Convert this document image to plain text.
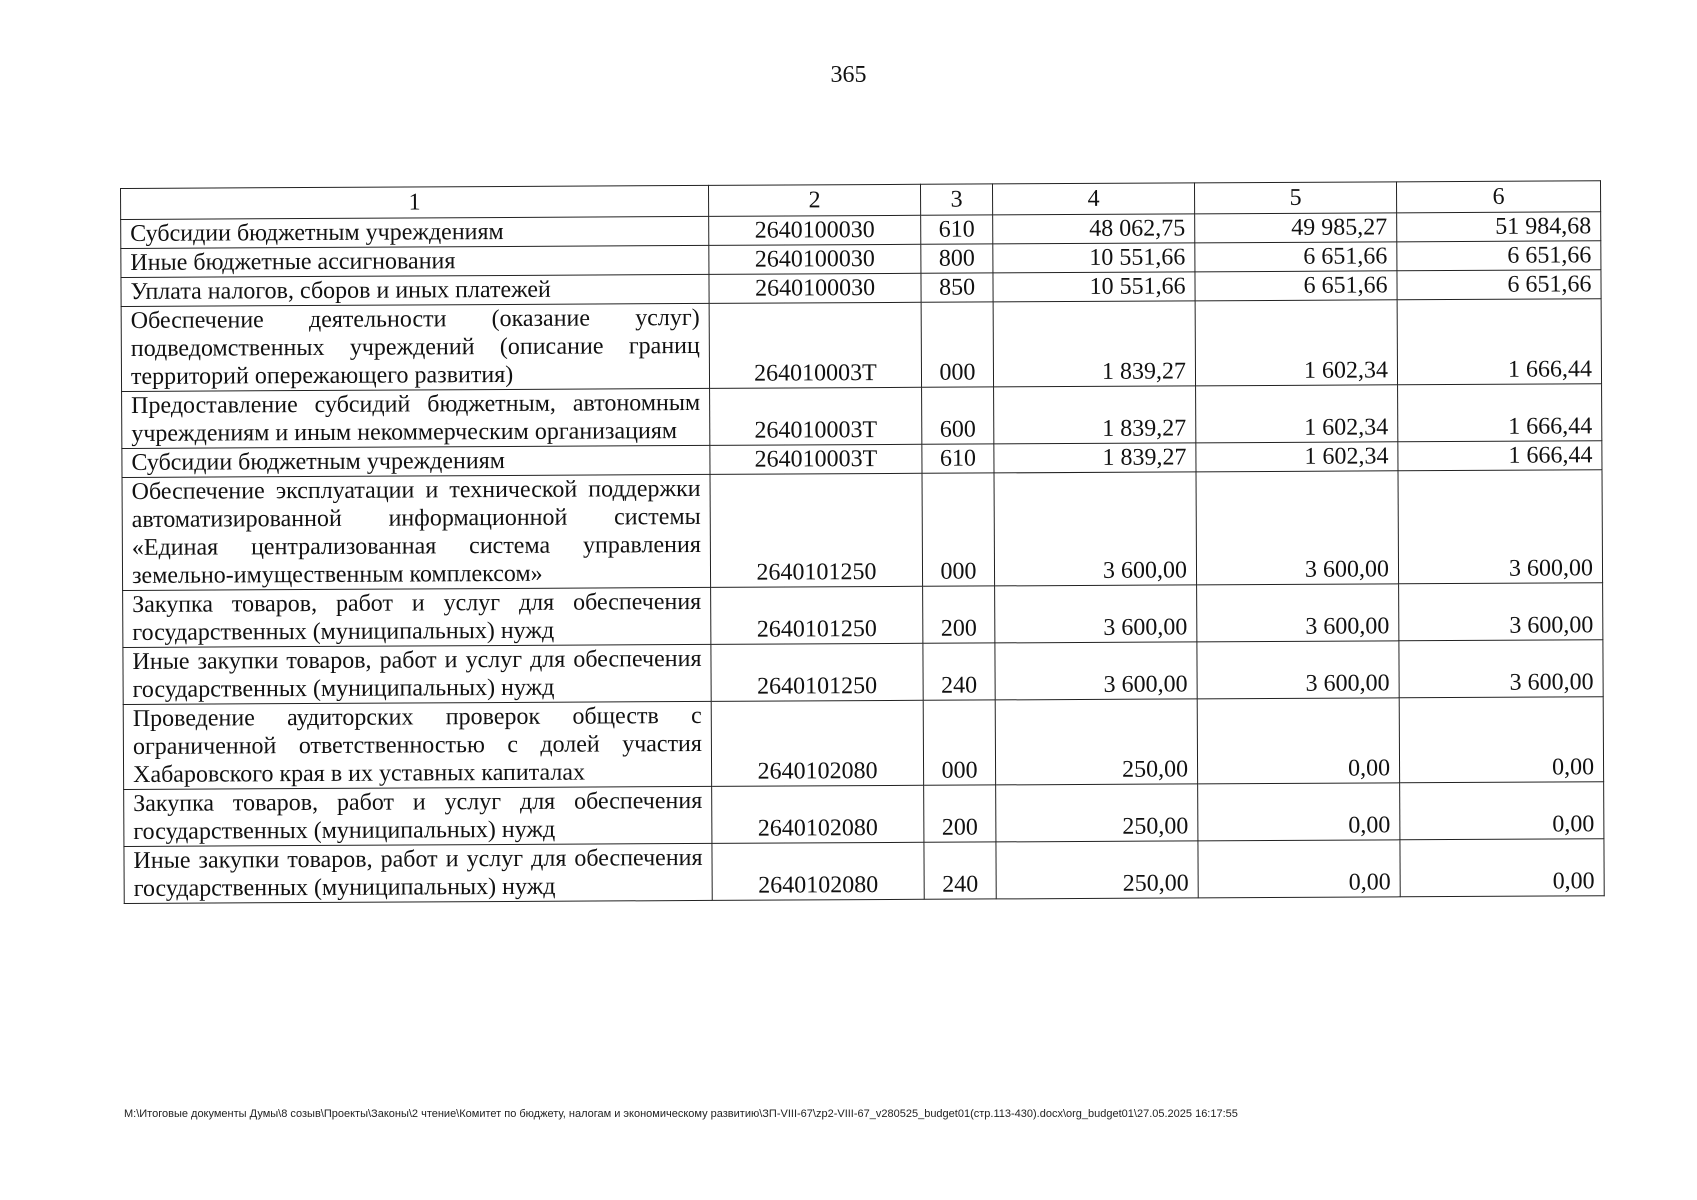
365
1	2	3	4	5	6
Субсидии бюджетным учреждениям	2640100030	610	48 062,75	49 985,27	51 984,68
Иные бюджетные ассигнования	2640100030	800	10 551,66	6 651,66	6 651,66
Уплата налогов, сборов и иных платежей	2640100030	850	10 551,66	6 651,66	6 651,66
Обеспечение деятельности (оказание услуг) подведомственных учреждений (описание границ территорий опережающего развития)	264010003Т	000	1 839,27	1 602,34	1 666,44
Предоставление субсидий бюджетным, автономным учреждениям и иным некоммерческим организациям	264010003Т	600	1 839,27	1 602,34	1 666,44
Субсидии бюджетным учреждениям	264010003Т	610	1 839,27	1 602,34	1 666,44
Обеспечение эксплуатации и технической поддержки автоматизированной информационной системы «Единая централизованная система управления земельно-имущественным комплексом»	2640101250	000	3 600,00	3 600,00	3 600,00
Закупка товаров, работ и услуг для обеспечения государственных (муниципальных) нужд	2640101250	200	3 600,00	3 600,00	3 600,00
Иные закупки товаров, работ и услуг для обеспечения государственных (муниципальных) нужд	2640101250	240	3 600,00	3 600,00	3 600,00
Проведение аудиторских проверок обществ с ограниченной ответственностью с долей участия Хабаровского края в их уставных капиталах	2640102080	000	250,00	0,00	0,00
Закупка товаров, работ и услуг для обеспечения государственных (муниципальных) нужд	2640102080	200	250,00	0,00	0,00
Иные закупки товаров, работ и услуг для обеспечения государственных (муниципальных) нужд	2640102080	240	250,00	0,00	0,00
M:\Итоговые документы Думы\8 созыв\Проекты\Законы\2 чтение\Комитет по бюджету, налогам и экономическому развитию\ЗП-VIII-67\zp2-VIII-67_v280525_budget01(стр.113-430).docx\org_budget01\27.05.2025 16:17:55
